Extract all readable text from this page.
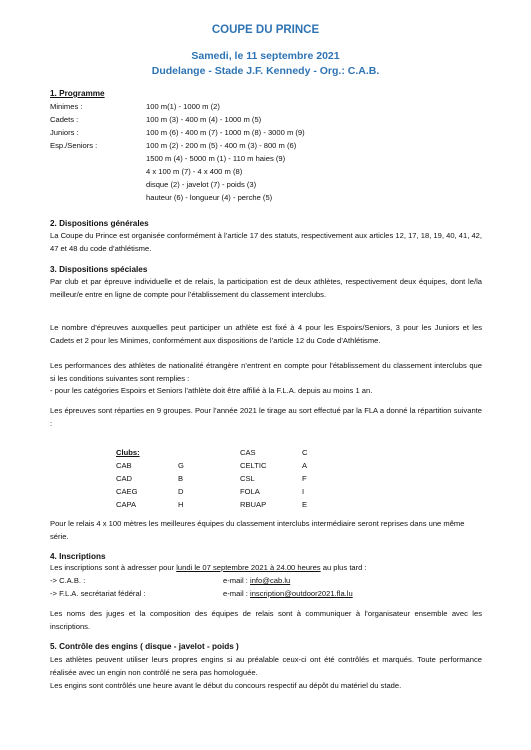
COUPE DU PRINCE
Samedi, le 11 septembre 2021
Dudelange - Stade J.F. Kennedy - Org.: C.A.B.
1. Programme
Minimes :	100 m(1) - 1000 m (2)
Cadets :	100 m (3) - 400 m (4) - 1000 m (5)
Juniors :	100 m (6) - 400 m (7) - 1000 m (8) - 3000 m (9)
Esp./Seniors :	100 m (2) - 200 m (5) - 400 m (3) - 800 m (6)
1500 m (4) - 5000 m (1) - 110 m haies (9)
4 x 100 m (7) - 4 x 400 m (8)
disque (2) - javelot (7) - poids (3)
hauteur (6) - longueur (4) - perche (5)
2. Dispositions générales
La Coupe du Prince est organisée conformément à l’article 17 des statuts, respectivement aux articles 12, 17, 18, 19, 40, 41, 42, 47 et 48 du code d’athlétisme.
3. Dispositions spéciales
Par club et par épreuve individuelle et de relais, la participation est de deux athlètes, respectivement deux équipes, dont le/la meilleur/e entre en ligne de compte pour l’établissement du classement interclubs.
Le nombre d’épreuves auxquelles peut participer un athlète est fixé à 4 pour les Espoirs/Seniors, 3 pour les Juniors et les Cadets et 2 pour les Minimes, conformément aux dispositions de l’article 12 du Code d’Athlétisme.
Les performances des athlètes de nationalité étrangère n’entrent en compte pour l’établissement du classement interclubs que si les conditions suivantes sont remplies :
- pour les catégories Espoirs et Seniors l’athlète doit être affilié à la F.L.A. depuis au moins 1 an.
Les épreuves sont réparties en 9 groupes. Pour l’année 2021 le tirage au sort effectué par la FLA a donné la répartition suivante :
Clubs:
CAB	G
CAD	B
CAEG	D
CAPA	H
CAS	C
CELTIC	A
CSL	F
FOLA	I
RBUAP	E
Pour le relais 4 x 100 mètres les meilleures équipes du classement interclubs intermédiaire seront reprises dans une même série.
4. Inscriptions
Les inscriptions sont à adresser pour lundi le 07 septembre 2021 à 24.00 heures au plus tard :
-> C.A.B. :	e-mail : info@cab.lu
-> F.L.A. secrétariat fédéral :	e-mail : inscription@outdoor2021.fla.lu
Les noms des juges et la composition des équipes de relais sont à communiquer à l’organisateur ensemble avec les inscriptions.
5. Contrôle des engins ( disque - javelot - poids )
Les athlètes peuvent utiliser leurs propres engins si au préalable ceux-ci ont été contrôlés et marqués. Toute performance réalisée avec un engin non contrôlé ne sera pas homologuée.
Les engins sont contrôlés une heure avant le début du concours respectif au dépôt du matériel du stade.
